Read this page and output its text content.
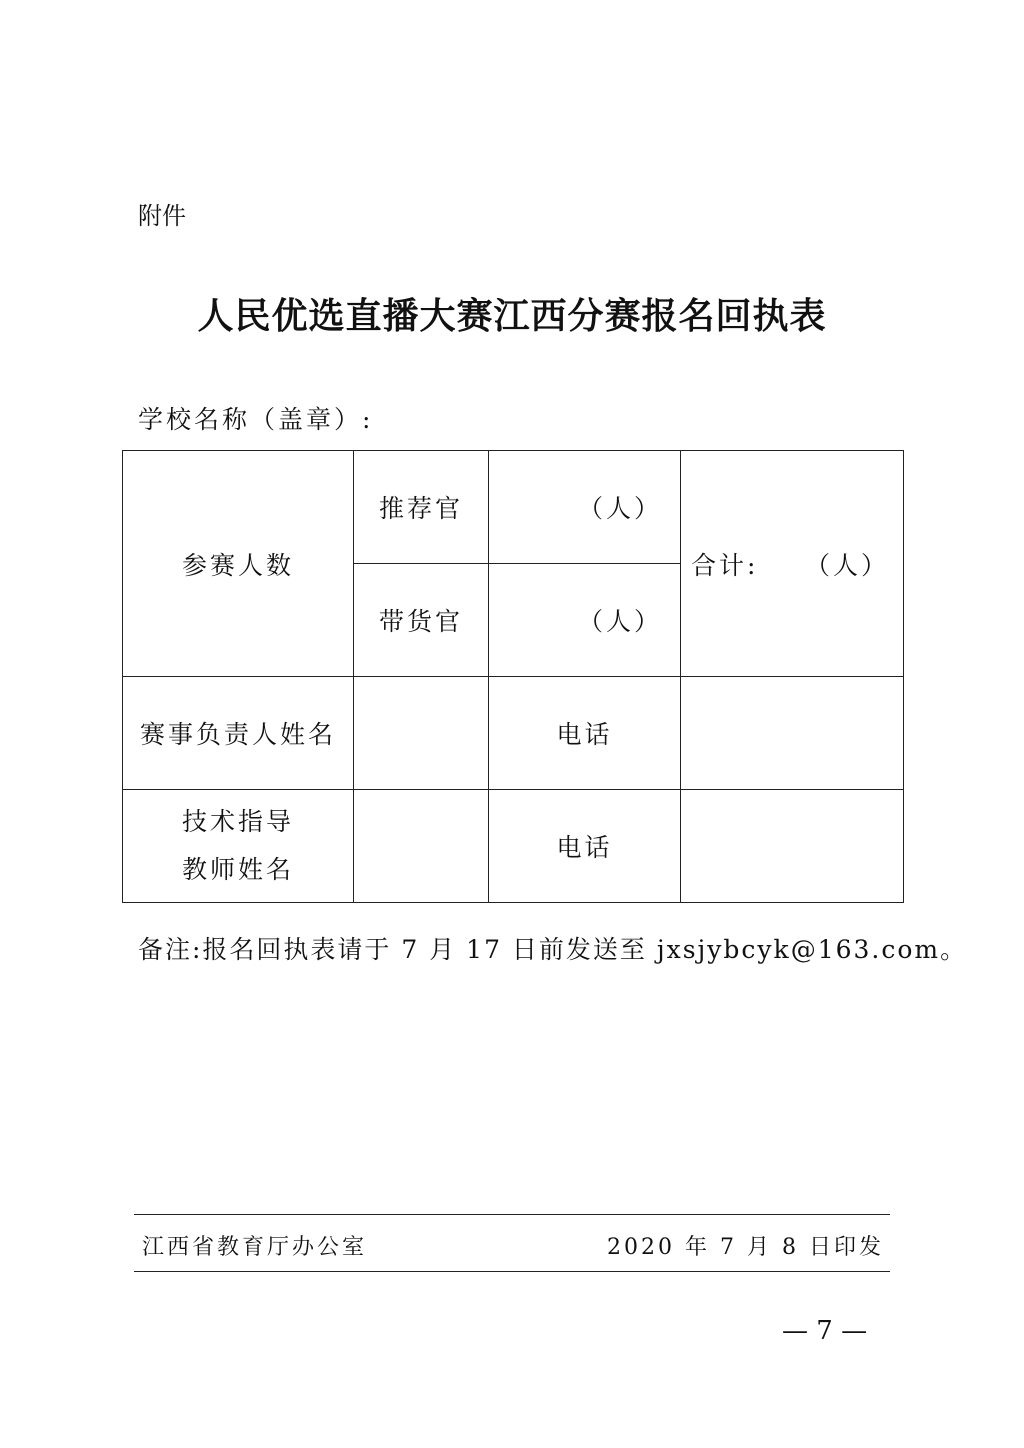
附件
人民优选直播大赛江西分赛报名回执表
学校名称（盖章）:
参赛人数	推荐官	（人）	合计: （人）

	带货官	（人）	
赛事负责人姓名		电话	

技术指导
教师姓名		电话	
备注:报名回执表请于 7 月 17 日前发送至 jxsjybcyk@163.com。
江西省教育厅办公室	2020 年 7 月 8 日印发
— 7 —
